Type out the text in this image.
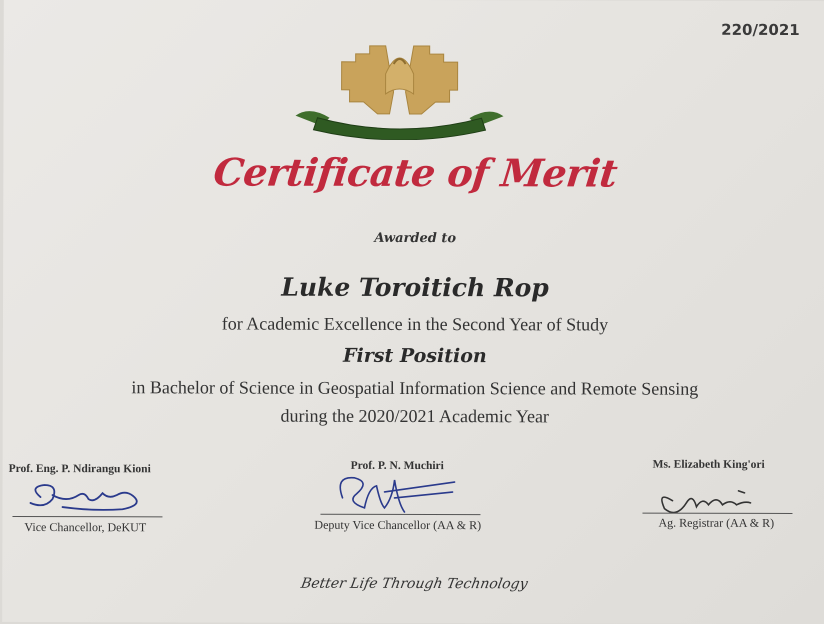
220/2021
Certificate of Merit
Awarded to
Luke Toroitich Rop
for Academic Excellence in the Second Year of Study
First Position
in Bachelor of Science in Geospatial Information Science and Remote Sensing
during the 2020/2021 Academic Year
Prof. Eng. P. Ndirangu Kioni
Vice Chancellor, DeKUT
Prof. P. N. Muchiri
Deputy Vice Chancellor (AA & R)
Ms. Elizabeth King'ori
Ag. Registrar (AA & R)
Better Life Through Technology
